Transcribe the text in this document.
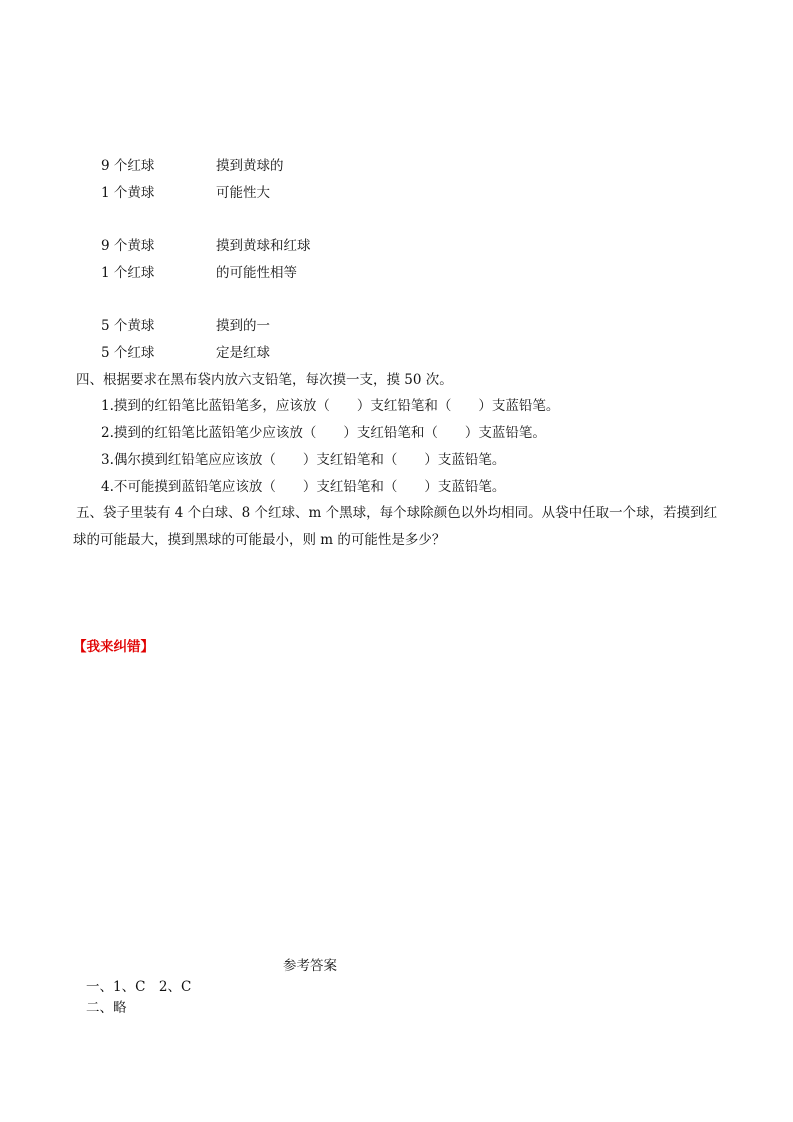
9 个红球	摸到黄球的
1 个黄球	可能性大
9 个黄球	摸到黄球和红球
1 个红球	的可能性相等
5 个黄球	摸到的一
5 个红球	定是红球
四、根据要求在黑布袋内放六支铅笔，每次摸一支，摸 50 次。
1.摸到的红铅笔比蓝铅笔多，应该放（　　）支红铅笔和（　　）支蓝铅笔。
2.摸到的红铅笔比蓝铅笔少应该放（　　）支红铅笔和（　　）支蓝铅笔。
3.偶尔摸到红铅笔应应该放（　　）支红铅笔和（　　）支蓝铅笔。
4.不可能摸到蓝铅笔应该放（　　）支红铅笔和（　　）支蓝铅笔。
五、袋子里装有 4 个白球、8 个红球、m 个黑球，每个球除颜色以外均相同。从袋中任取一个球，若摸到红
球的可能最大，摸到黑球的可能最小，则 m 的可能性是多少？
【我来纠错】
参考答案
一、1、C　2、C
二、略
